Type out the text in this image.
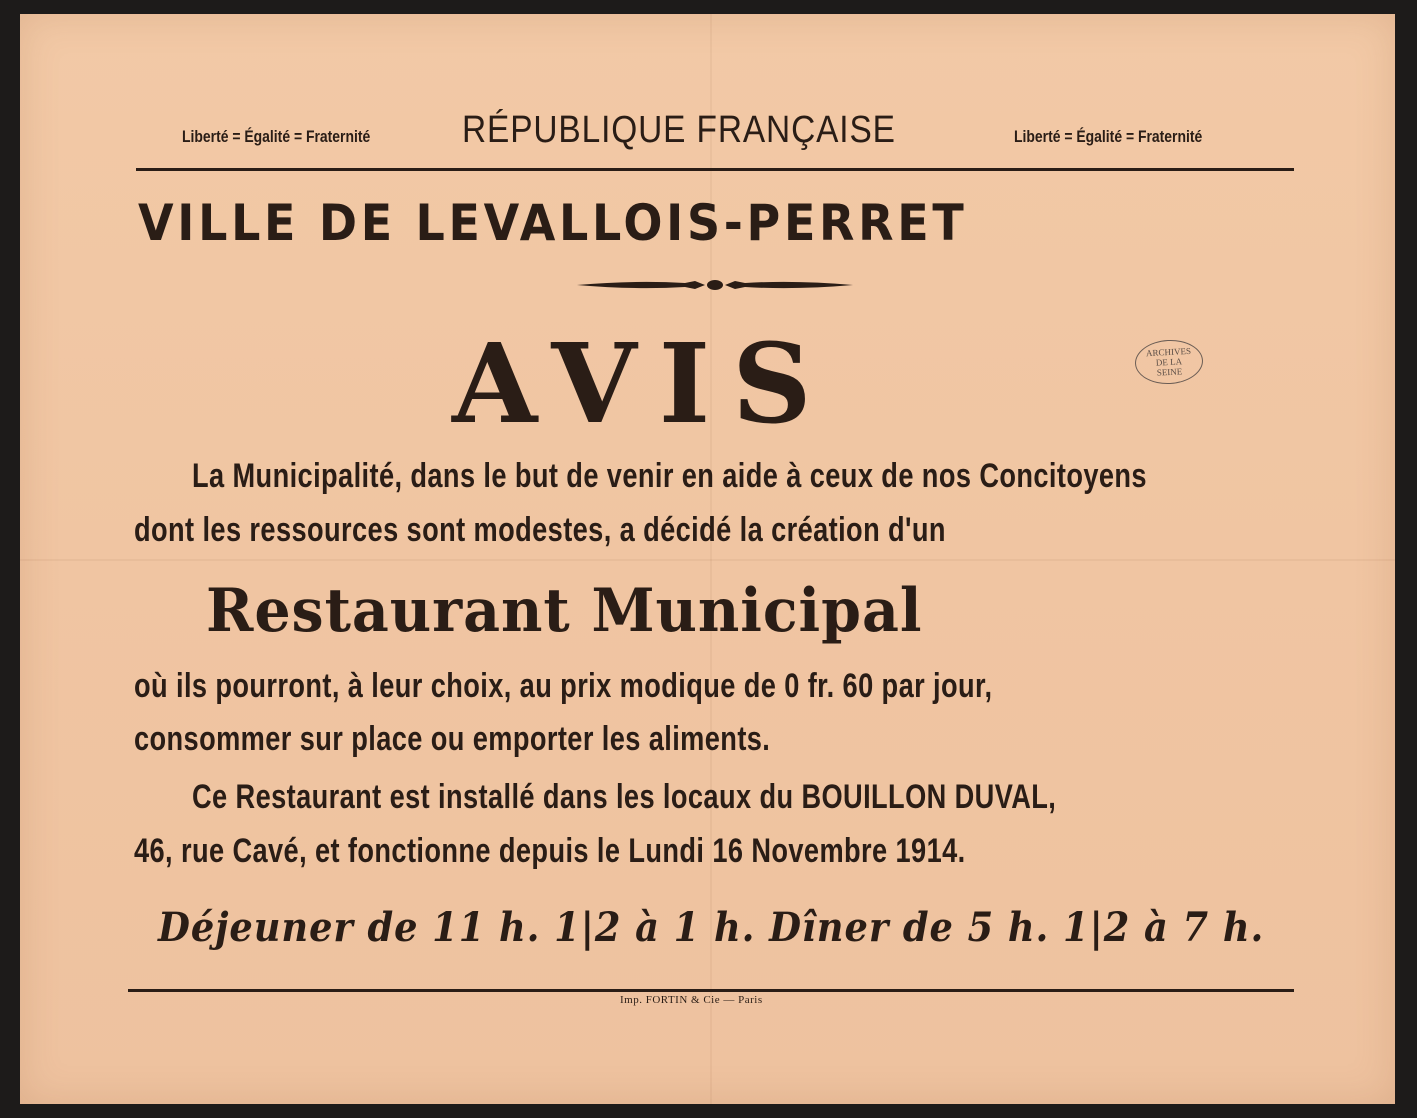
Liberté = Égalité = Fraternité RÉPUBLIQUE FRANÇAISE	Liberté = Égalité = Fraternité
VILLE DE LEVALLOIS-PERRET
AVIS	ARCHIVES
DE LA
SEINE
La Municipalité, dans le but de venir en aide à ceux de nos Concitoyens
dont les ressources sont modestes, a décidé la création d'un
Restaurant Municipal
où ils pourront, à leur choix, au prix modique de 0 fr. 60 par jour,
consommer sur place ou emporter les aliments.
Ce Restaurant est installé dans les locaux du BOUILLON DUVAL,
46, rue Cavé, et fonctionne depuis le Lundi 16 Novembre 1914.
Déjeuner de 11 h. 1|2 à 1 h. Dîner de 5 h. 1|2 à 7 h.
Imp. FORTIN & Cie — Paris
